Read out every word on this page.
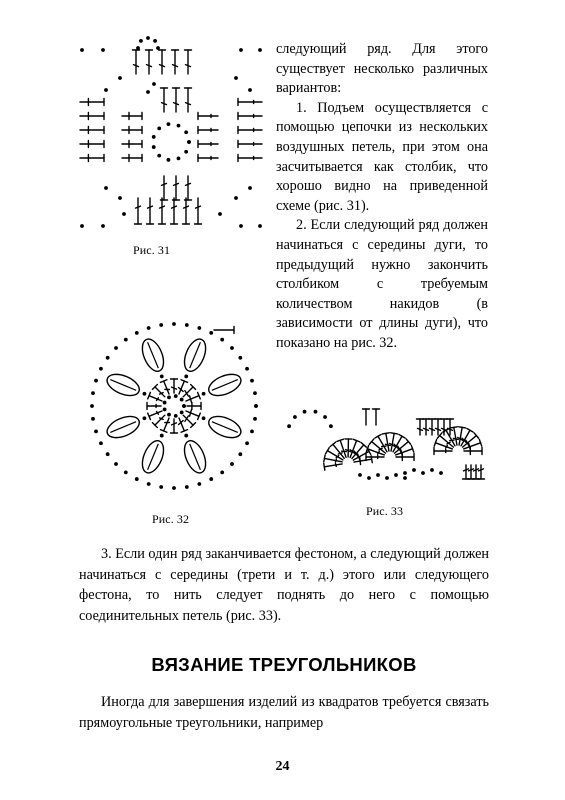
Рис. 31

следующий ряд. Для этого существует несколько различных вариантов:

1. Подъем осуществляется с помощью цепочки из нескольких воздушных петель, при этом она засчитывается как столбик, что хорошо видно на приведенной схеме (рис. 31).

2. Если следующий ряд должен начинаться с середины дуги, то предыдущий нужно закончить столбиком с требуемым количеством накидов (в зависимости от длины дуги), что показано на рис. 32.

Рис. 32
Рис. 33

3. Если один ряд заканчивается фестоном, а следующий должен начинаться с середины (трети и т. д.) этого или следующего фестона, то нить следует поднять до него с помощью соединительных петель (рис. 33).

ВЯЗАНИЕ ТРЕУГОЛЬНИКОВ

Иногда для завершения изделий из квадратов требуется связать прямоугольные треугольники, например

24
